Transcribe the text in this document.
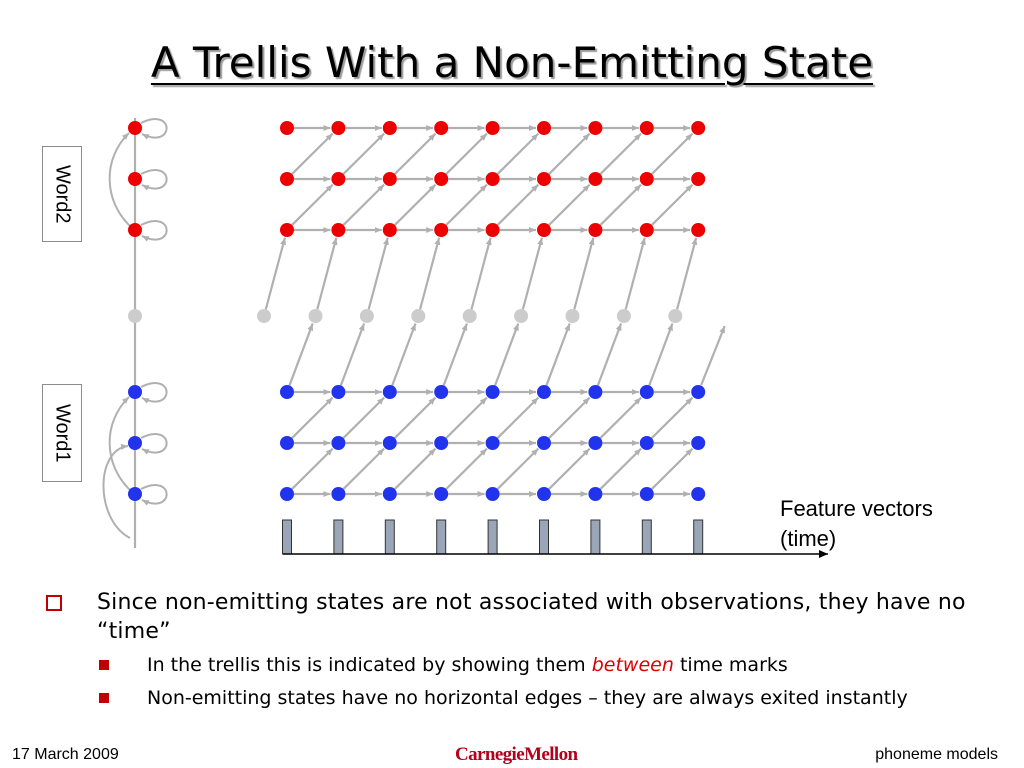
A Trellis With a Non-Emitting State
Word2
Word1
Feature vectors
(time)
Since non-emitting states are not associated with observations, they have no “time”
In the trellis this is indicated by showing them between time marks
Non-emitting states have no horizontal edges – they are always exited instantly
17 March 2009	CarnegieMellon	phoneme models
